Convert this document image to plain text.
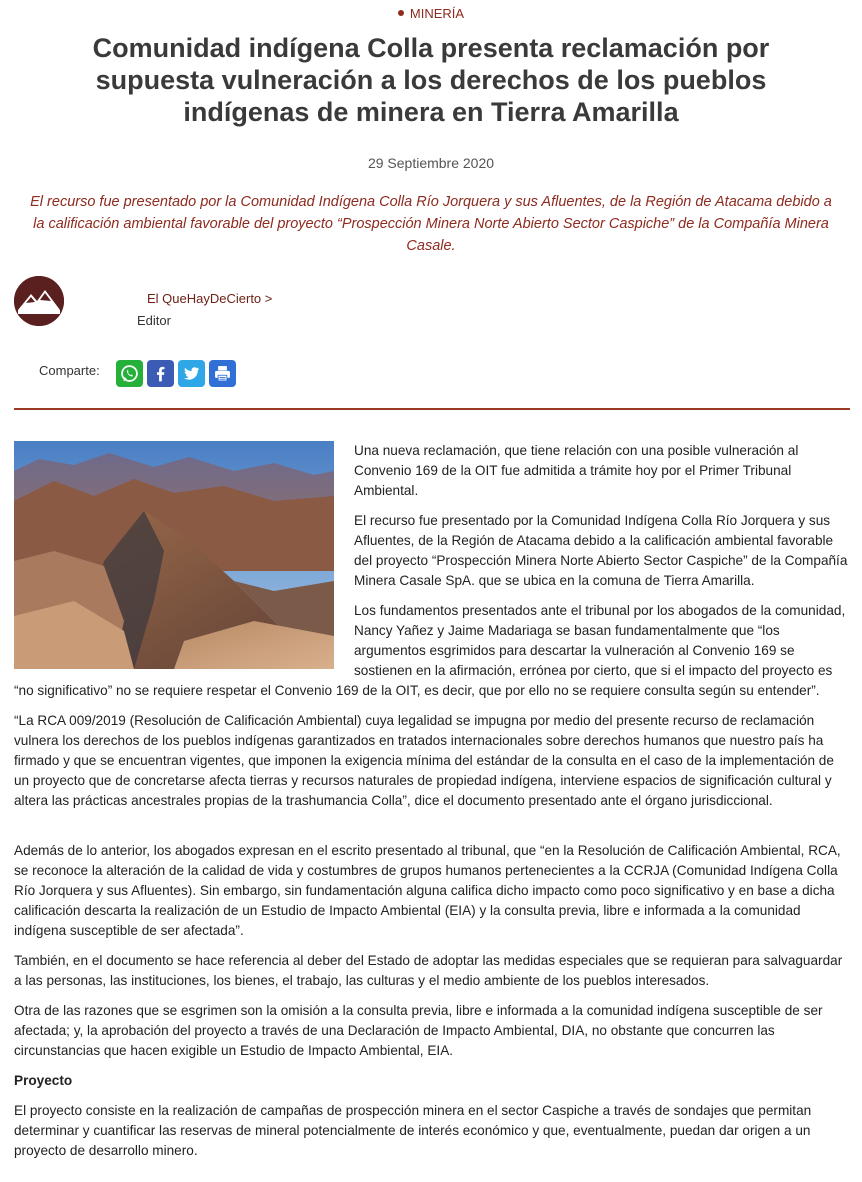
MINERÍA
Comunidad indígena Colla presenta reclamación por supuesta vulneración a los derechos de los pueblos indígenas de minera en Tierra Amarilla
29 Septiembre 2020

El recurso fue presentado por la Comunidad Indígena Colla Río Jorquera y sus Afluentes, de la Región de Atacama debido a la calificación ambiental favorable del proyecto “Prospección Minera Norte Abierto Sector Caspiche” de la Compañía Minera Casale.

El QueHayDeCierto >
Editor
Comparte:

Una nueva reclamación, que tiene relación con una posible vulneración al Convenio 169 de la OIT fue admitida a trámite hoy por el Primer Tribunal Ambiental.

El recurso fue presentado por la Comunidad Indígena Colla Río Jorquera y sus Afluentes, de la Región de Atacama debido a la calificación ambiental favorable del proyecto “Prospección Minera Norte Abierto Sector Caspiche” de la Compañía Minera Casale SpA. que se ubica en la comuna de Tierra Amarilla.

Los fundamentos presentados ante el tribunal por los abogados de la comunidad, Nancy Yañez y Jaime Madariaga se basan fundamentalmente que “los argumentos esgrimidos para descartar la vulneración al Convenio 169 se sostienen en la afirmación, errónea por cierto, que si el impacto del proyecto es

“no significativo” no se requiere respetar el Convenio 169 de la OIT, es decir, que por ello no se requiere consulta según su entender”.

“La RCA 009/2019 (Resolución de Calificación Ambiental) cuya legalidad se impugna por medio del presente recurso de reclamación vulnera los derechos de los pueblos indígenas garantizados en tratados internacionales sobre derechos humanos que nuestro país ha firmado y que se encuentran vigentes, que imponen la exigencia mínima del estándar de la consulta en el caso de la implementación de un proyecto que de concretarse afecta tierras y recursos naturales de propiedad indígena, interviene espacios de significación cultural y altera las prácticas ancestrales propias de la trashumancia Colla”, dice el documento presentado ante el órgano jurisdiccional.

Además de lo anterior, los abogados expresan en el escrito presentado al tribunal, que “en la Resolución de Calificación Ambiental, RCA, se reconoce la alteración de la calidad de vida y costumbres de grupos humanos pertenecientes a la CCRJA (Comunidad Indígena Colla Río Jorquera y sus Afluentes). Sin embargo, sin fundamentación alguna califica dicho impacto como poco significativo y en base a dicha calificación descarta la realización de un Estudio de Impacto Ambiental (EIA) y la consulta previa, libre e informada a la comunidad indígena susceptible de ser afectada”.

También, en el documento se hace referencia al deber del Estado de adoptar las medidas especiales que se requieran para salvaguardar a las personas, las instituciones, los bienes, el trabajo, las culturas y el medio ambiente de los pueblos interesados.

Otra de las razones que se esgrimen son la omisión a la consulta previa, libre e informada a la comunidad indígena susceptible de ser afectada; y, la aprobación del proyecto a través de una Declaración de Impacto Ambiental, DIA, no obstante que concurren las circunstancias que hacen exigible un Estudio de Impacto Ambiental, EIA.

Proyecto

El proyecto consiste en la realización de campañas de prospección minera en el sector Caspiche a través de sondajes que permitan determinar y cuantificar las reservas de mineral potencialmente de interés económico y que, eventualmente, puedan dar origen a un proyecto de desarrollo minero.
